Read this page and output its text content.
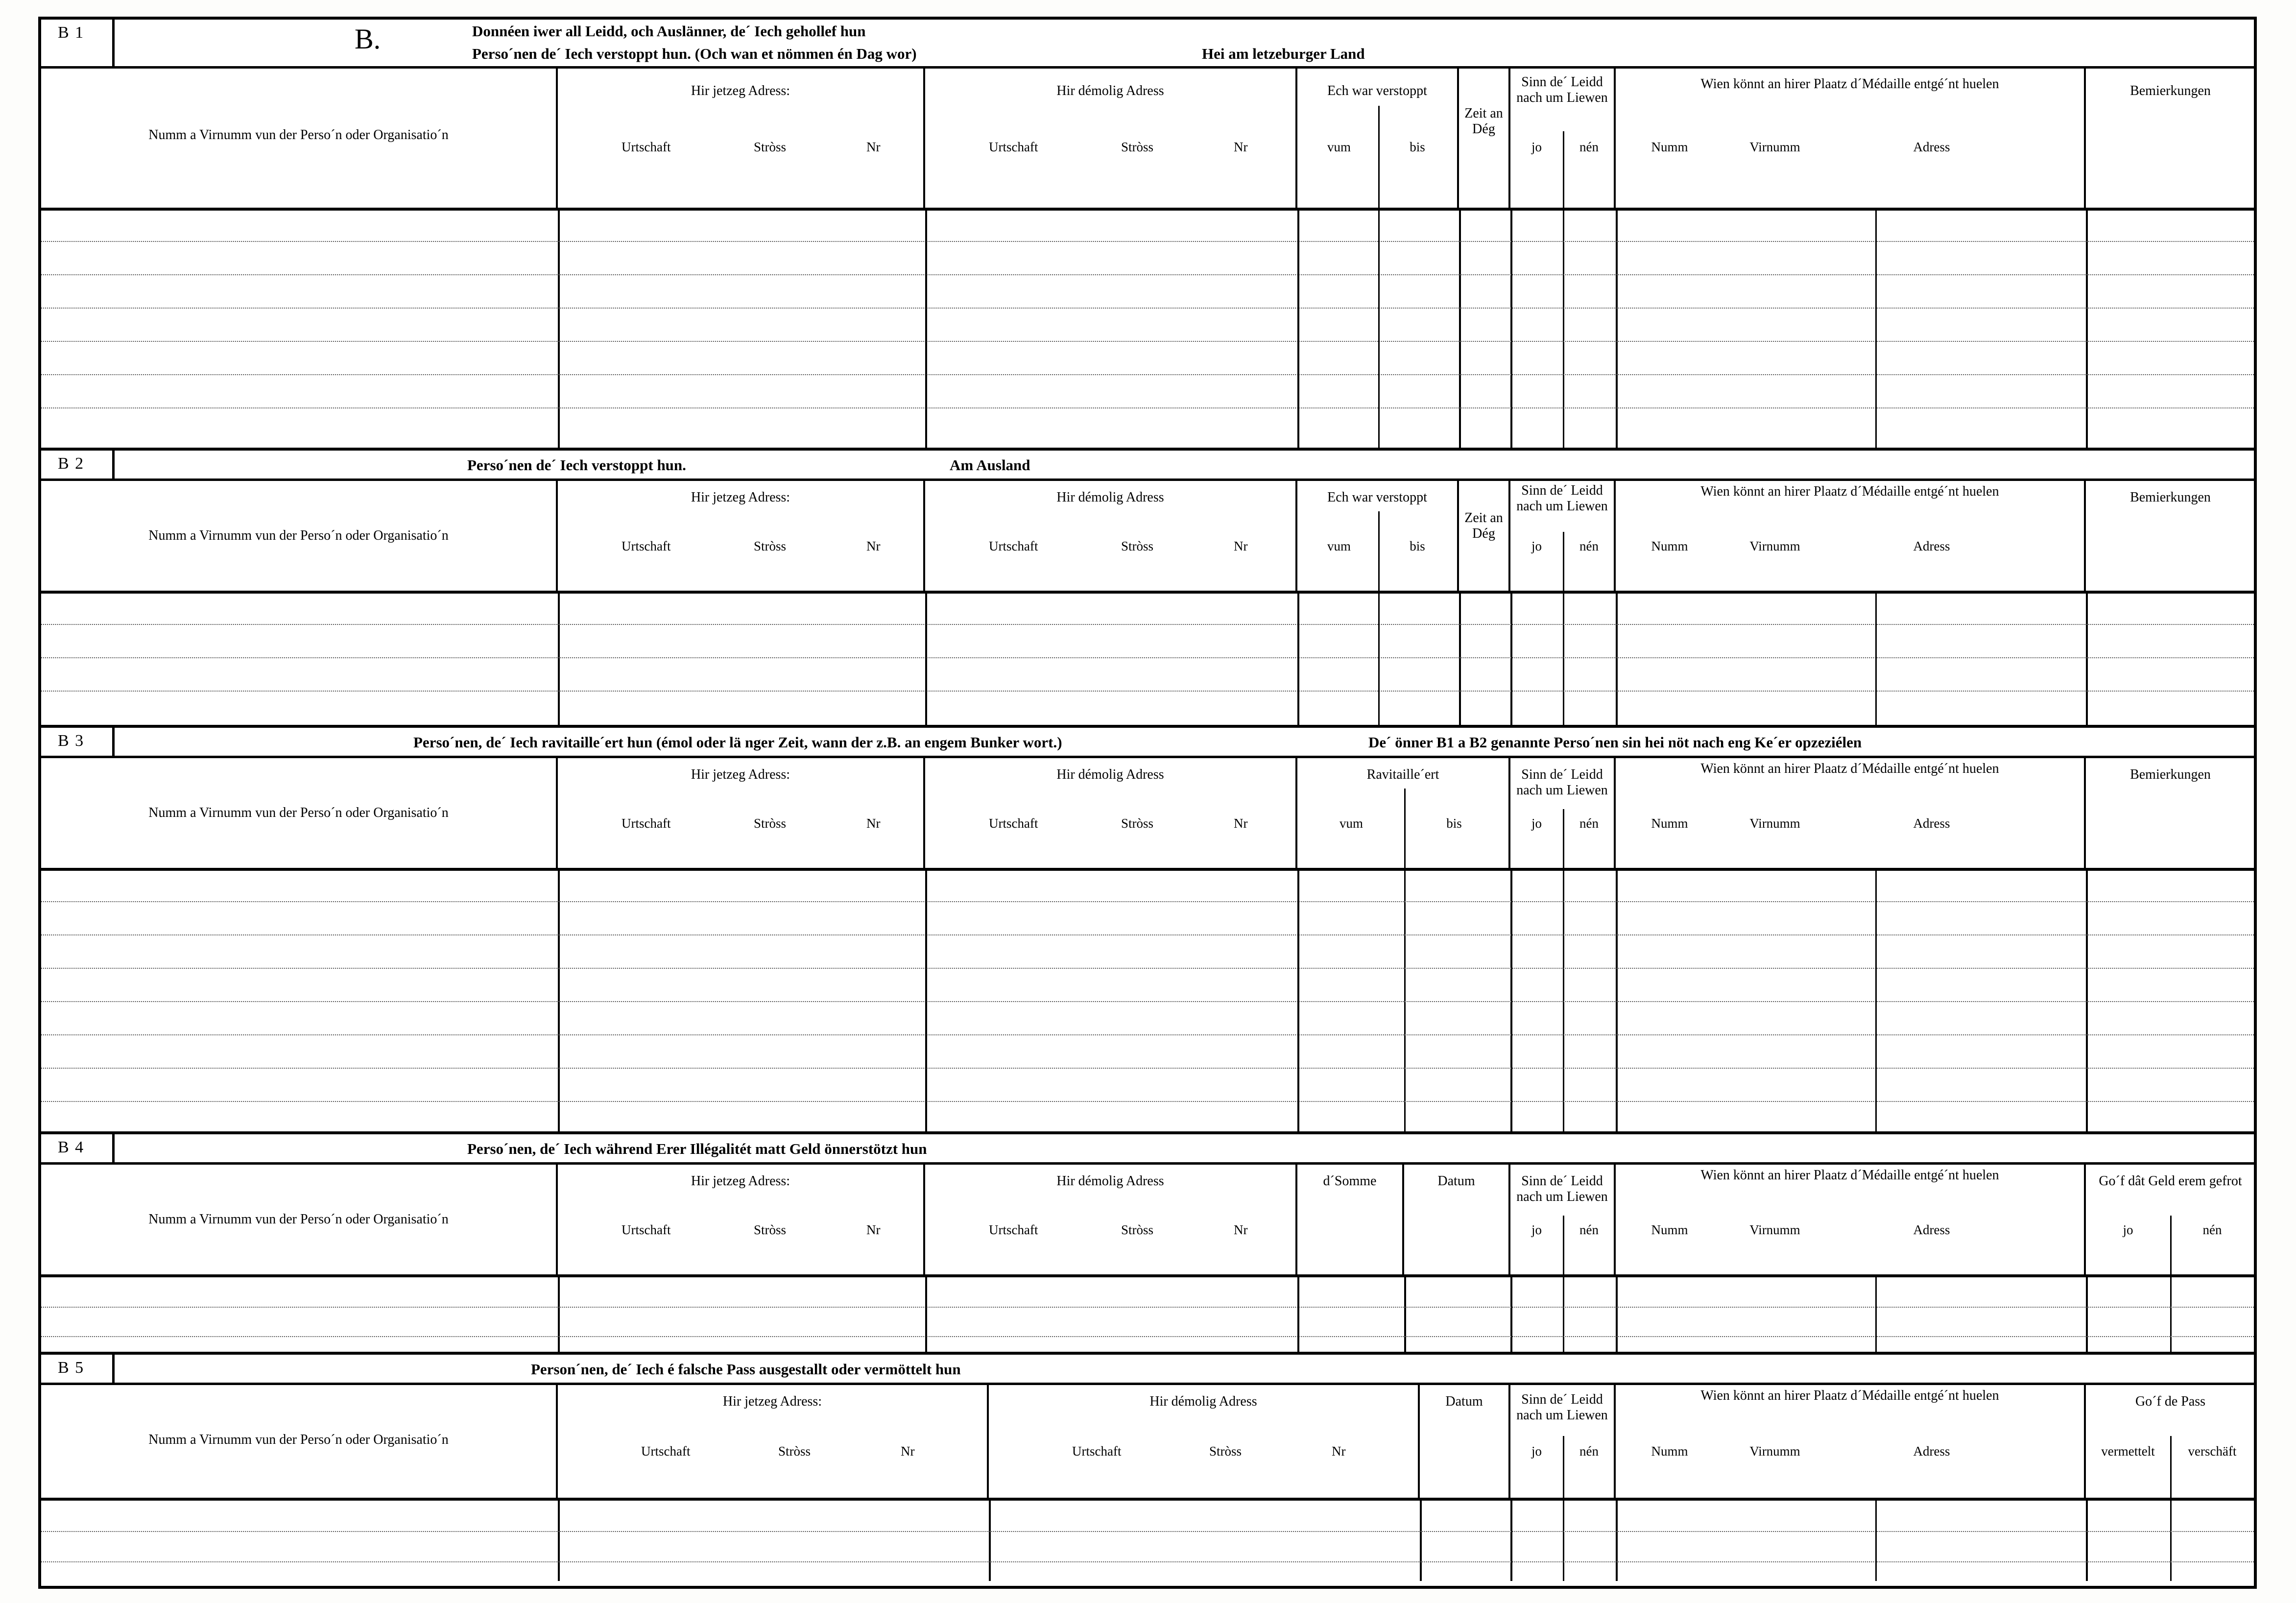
B 1	B.	Donnéen iwer all Leidd, och Auslänner, de´ Iech gehollef hun
Perso´nen de´ Iech verstoppt hun. (Och wan et nömmen én Dag wor)	Hei am letzeburger Land
Numm a Virnumm vun der Perso´n oder Organisatio´n
Hir jetzeg Adress:
Urtschaft	Stròss	Nr
Hir démolig Adress
Urtschaft	Stròss	Nr
Ech war verstoppt
vum	bis
Zeit an Dég
Sinn de´ Leidd nach um Liewen
jo	nén
Wien könnt an hirer Plaatz d´Médaille entgé´nt huelen
Numm	Virnumm	Adress
Bemierkungen
B 2	Perso´nen de´ Iech verstoppt hun.	Am Ausland
Numm a Virnumm vun der Perso´n oder Organisatio´n
Hir jetzeg Adress:
Urtschaft	Stròss	Nr
Hir démolig Adress
Urtschaft	Stròss	Nr
Ech war verstoppt
vum	bis
Zeit an Dég
Sinn de´ Leidd nach um Liewen
jo	nén
Wien könnt an hirer Plaatz d´Médaille entgé´nt huelen
Numm	Virnumm	Adress
Bemierkungen
B 3	Perso´nen, de´ Iech ravitaille´ert hun (émol oder lä nger Zeit, wann der z.B. an engem Bunker wort.)	De´ önner B1 a B2 genannte Perso´nen sin hei nöt nach eng Ke´er opzeziélen
Numm a Virnumm vun der Perso´n oder Organisatio´n
Hir jetzeg Adress:
Urtschaft	Stròss	Nr
Hir démolig Adress
Urtschaft	Stròss	Nr
Ravitaille´ert
vum	bis
Sinn de´ Leidd nach um Liewen
jo	nén
Wien könnt an hirer Plaatz d´Médaille entgé´nt huelen
Numm	Virnumm	Adress
Bemierkungen
B 4	Perso´nen, de´ Iech während Erer Illégalitét matt Geld önnerstötzt hun
Numm a Virnumm vun der Perso´n oder Organisatio´n
Hir jetzeg Adress:
Urtschaft	Stròss	Nr
Hir démolig Adress
Urtschaft	Stròss	Nr
d´Somme	Datum	Sinn de´ Leidd nach um Liewen
jo	nén
Wien könnt an hirer Plaatz d´Médaille entgé´nt huelen
Numm	Virnumm	Adress
Go´f dât Geld erem gefrot
jo	nén
B 5	Person´nen, de´ Iech é falsche Pass ausgestallt oder vermöttelt hun
Numm a Virnumm vun der Perso´n oder Organisatio´n
Hir jetzeg Adress:
Urtschaft	Stròss	Nr
Hir démolig Adress
Urtschaft	Stròss	Nr
Datum	Sinn de´ Leidd nach um Liewen
jo	nén
Wien könnt an hirer Plaatz d´Médaille entgé´nt huelen
Numm	Virnumm	Adress
Go´f de Pass
vermettelt	verschäft
